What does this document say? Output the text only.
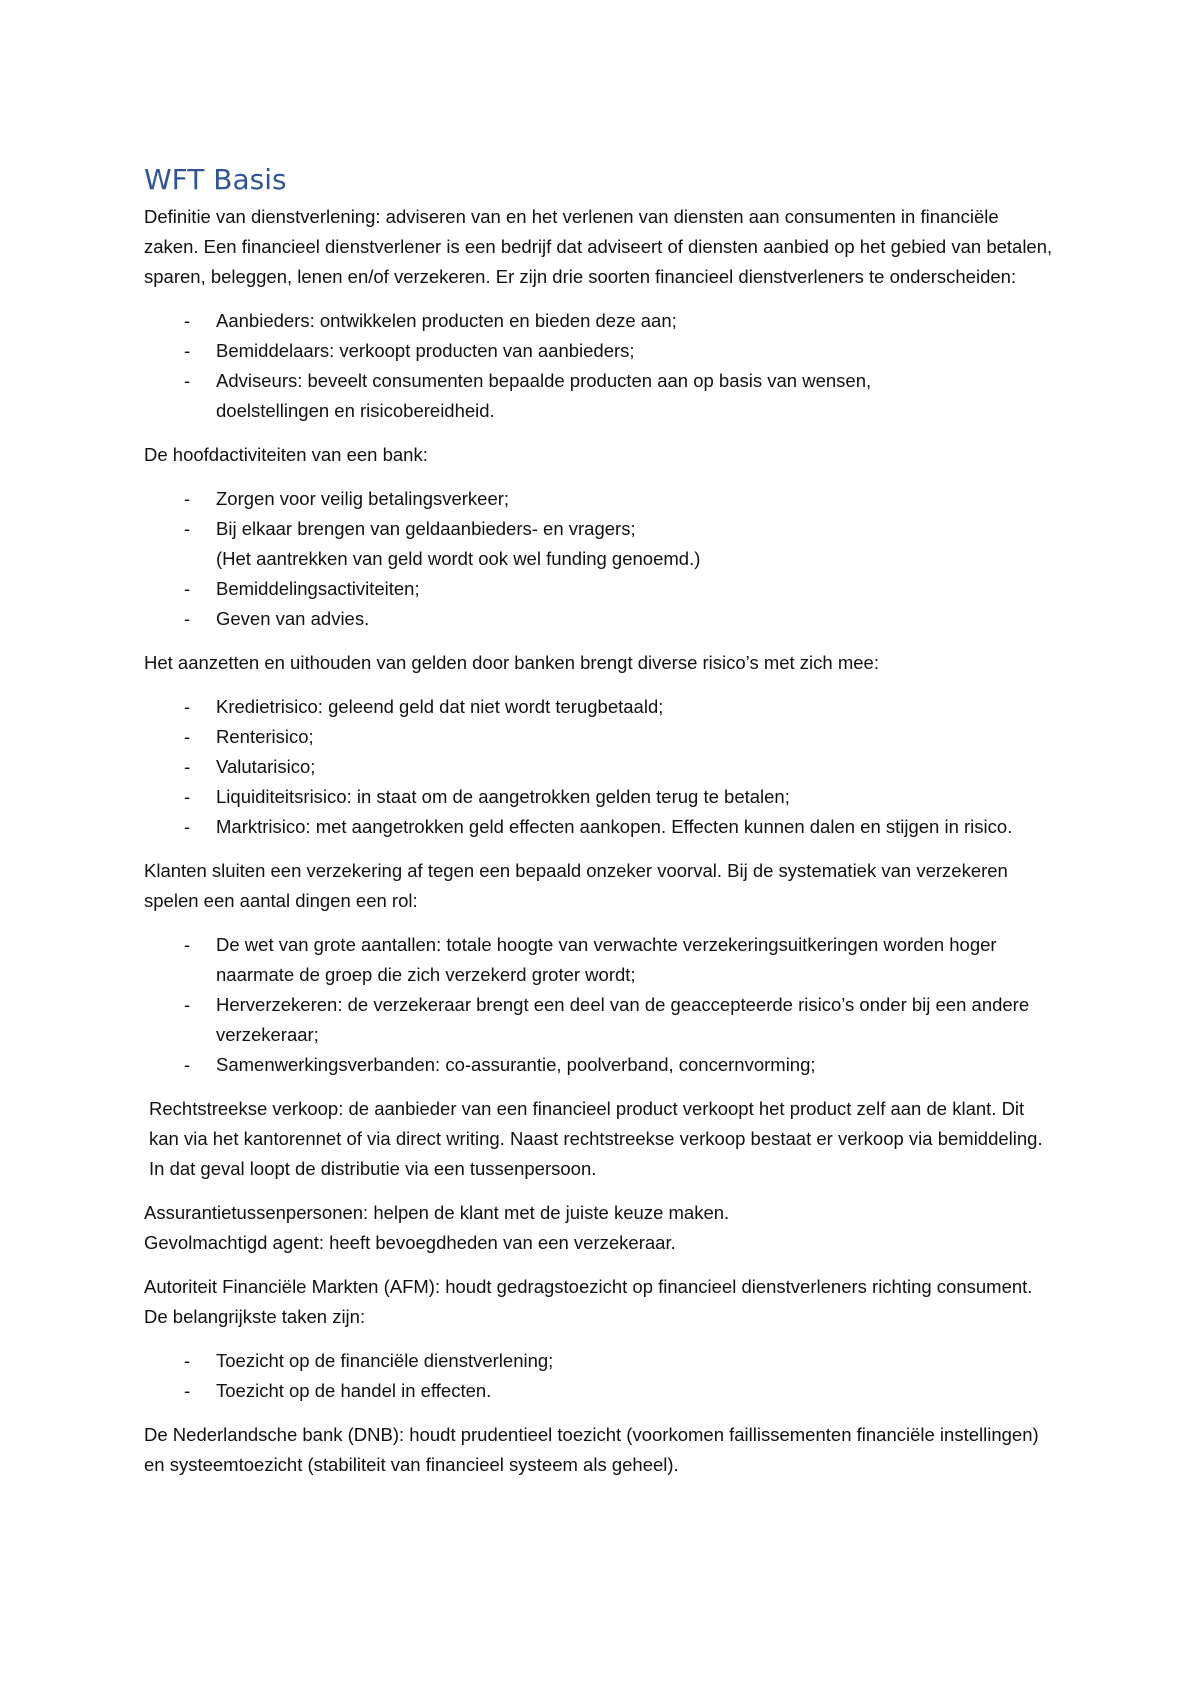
WFT Basis

Definitie van dienstverlening: adviseren van en het verlenen van diensten aan consumenten in financiële zaken. Een financieel dienstverlener is een bedrijf dat adviseert of diensten aanbied op het gebied van betalen, sparen, beleggen, lenen en/of verzekeren. Er zijn drie soorten financieel dienstverleners te onderscheiden:

- Aanbieders: ontwikkelen producten en bieden deze aan;
- Bemiddelaars: verkoopt producten van aanbieders;
- Adviseurs: beveelt consumenten bepaalde producten aan op basis van wensen, doelstellingen en risicobereidheid.

De hoofdactiviteiten van een bank:

- Zorgen voor veilig betalingsverkeer;
- Bij elkaar brengen van geldaanbieders- en vragers;
(Het aantrekken van geld wordt ook wel funding genoemd.)
- Bemiddelingsactiviteiten;
- Geven van advies.

Het aanzetten en uithouden van gelden door banken brengt diverse risico’s met zich mee:

- Kredietrisico: geleend geld dat niet wordt terugbetaald;
- Renterisico;
- Valutarisico;
- Liquiditeitsrisico: in staat om de aangetrokken gelden terug te betalen;
- Marktrisico: met aangetrokken geld effecten aankopen. Effecten kunnen dalen en stijgen in risico.

Klanten sluiten een verzekering af tegen een bepaald onzeker voorval. Bij de systematiek van verzekeren spelen een aantal dingen een rol:

- De wet van grote aantallen: totale hoogte van verwachte verzekeringsuitkeringen worden hoger naarmate de groep die zich verzekerd groter wordt;
- Herverzekeren: de verzekeraar brengt een deel van de geaccepteerde risico’s onder bij een andere verzekeraar;
- Samenwerkingsverbanden: co-assurantie, poolverband, concernvorming;

Rechtstreekse verkoop: de aanbieder van een financieel product verkoopt het product zelf aan de klant. Dit kan via het kantorennet of via direct writing. Naast rechtstreekse verkoop bestaat er verkoop via bemiddeling. In dat geval loopt de distributie via een tussenpersoon.

Assurantietussenpersonen: helpen de klant met de juiste keuze maken.

Gevolmachtigd agent: heeft bevoegdheden van een verzekeraar.

Autoriteit Financiële Markten (AFM): houdt gedragstoezicht op financieel dienstverleners richting consument. De belangrijkste taken zijn:

- Toezicht op de financiële dienstverlening;
- Toezicht op de handel in effecten.

De Nederlandsche bank (DNB): houdt prudentieel toezicht (voorkomen faillissementen financiële instellingen) en systeemtoezicht (stabiliteit van financieel systeem als geheel).
